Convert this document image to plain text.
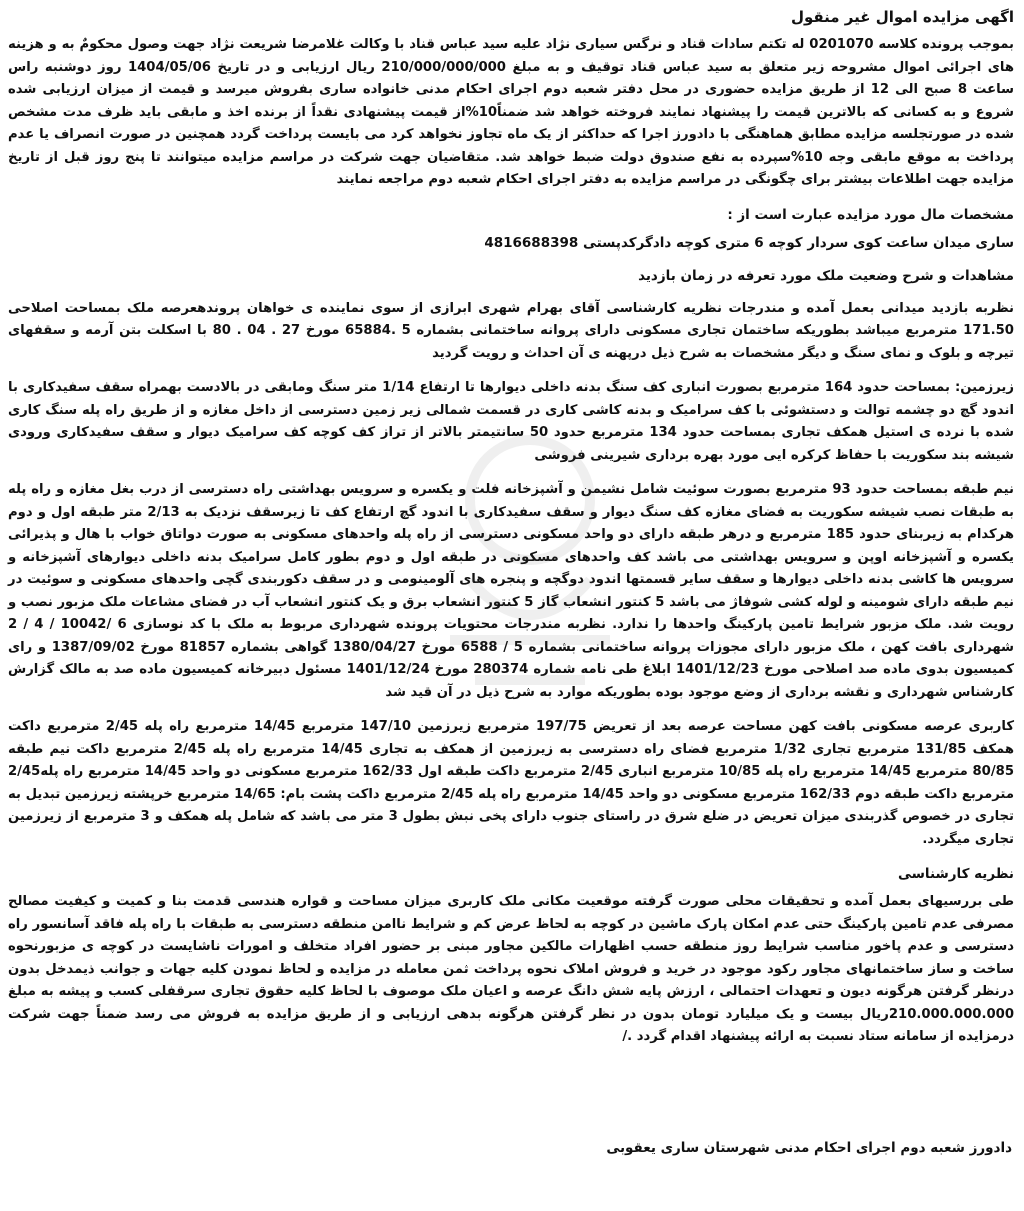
اگهی مزایده اموال غیر منقول

بموجب پرونده کلاسه 0201070 له تکتم سادات قناد و نرگس سیاری نژاد علیه سید عباس قناد با وکالت غلامرضا شریعت نژاد جهت وصول محکومٌ به و هزینه های اجرائی اموال مشروحه زیر متعلق به سید عباس قناد توقیف و به مبلغ 210/000/000/000 ریال ارزیابی و در تاریخ 1404/05/06 روز دوشنبه راس ساعت 8 صبح الی 12 از طریق مزایده حضوری در محل دفتر شعبه دوم اجرای احکام مدنی خانواده ساری بفروش میرسد و قیمت از میزان ارزیابی شده شروع و به کسانی که بالاترین قیمت را پیشنهاد نمایند فروخته خواهد شد ضمناً10%از قیمت پیشنهادی نقداً از برنده اخذ و مابقی باید ظرف مدت مشخص شده در صورتجلسه مزایده مطابق هماهنگی با دادورز اجرا که حداکثر از یک ماه تجاوز نخواهد کرد می بایست پرداخت گردد همچنین در صورت انصراف یا عدم پرداخت به موقع مابقی وجه 10%سپرده به نفع صندوق دولت ضبط خواهد شد. متقاضیان جهت شرکت در مراسم مزایده میتوانند تا پنج روز قبل از تاریخ مزایده جهت اطلاعات بیشتر برای چگونگی در مراسم مزایده به دفتر اجرای احکام شعبه دوم مراجعه نمایند

مشخصات مال مورد مزایده عبارت است از :
ساری میدان ساعت کوی سردار کوچه 6 متری کوچه دادگرکدپستی 4816688398
مشاهدات و شرح وضعیت ملک مورد تعرفه در زمان بازدید

نظربه بازدید میدانی بعمل آمده و مندرجات نظریه کارشناسی آقای بهرام شهری ابرازی از سوی نماینده ی خواهان پروندهعرصه ملک بمساحت اصلاحی 171.50 مترمربع میباشد بطوریکه ساختمان تجاری مسکونی دارای پروانه ساختمانی بشماره 5 .65884 مورخ 27 . 04 . 80 با اسکلت بتن آرمه و سقفهای تیرچه و بلوک و نمای سنگ و دیگر مشخصات به شرح ذیل درپهنه ی آن احداث و رویت گردید

زیرزمین: بمساحت حدود 164 مترمربع بصورت انباری کف سنگ بدنه داخلی دیوارها تا ارتفاع 1/14 متر سنگ ومابقی در بالادست بهمراه سقف سفیدکاری با اندود گچ دو چشمه توالت و دستشوئی با کف سرامیک و بدنه کاشی کاری در قسمت شمالی زیر زمین دسترسی از داخل مغازه و از طریق راه پله سنگ کاری شده با نرده ی استیل همکف تجاری بمساحت حدود 134 مترمربع حدود 50 سانتیمتر بالاتر از تراز کف کوچه کف سرامیک دیوار و سقف سفیدکاری ورودی شیشه بند سکوریت با حفاظ کرکره ایی مورد بهره برداری شیرینی فروشی

نیم طبقه بمساحت حدود 93 مترمربع بصورت سوئیت شامل نشیمن و آشپزخانه فلت و یکسره و سرویس بهداشتی راه دسترسی از درب بغل مغازه و راه پله به طبقات نصب شیشه سکوریت به فضای مغازه کف سنگ دیوار و سقف سفیدکاری با اندود گچ ارتفاع کف تا زیرسقف نزدیک به 2/13 متر طبقه اول و دوم هرکدام به زیربنای حدود 185 مترمربع و درهر طبقه دارای دو واحد مسکونی دسترسی از راه پله واحدهای مسکونی به صورت دواتاق خواب با هال و پذیرائی یکسره و آشپزخانه اوپن و سرویس بهداشتی می باشد کف واحدهای مسکونی در طبقه اول و دوم بطور کامل سرامیک بدنه داخلی دیوارهای آشپزخانه و سرویس ها کاشی بدنه داخلی دیوارها و سقف سایر قسمتها اندود دوگچه و پنجره های آلومینومی و در سقف دکوربندی گچی واحدهای مسکونی و سوئیت در نیم طبقه دارای شومینه و لوله کشی شوفاژ می باشد 5 کنتور انشعاب گاز 5 کنتور انشعاب برق و یک کنتور انشعاب آب در فضای مشاعات ملک مزبور نصب و رویت شد. ملک مزبور شرایط تامین پارکینگ واحدها را ندارد. نظربه مندرجات محتویات پرونده شهرداری مربوط به ملک با کد نوسازی 6 /10042 / 4 / 2 شهرداری بافت کهن ، ملک مزبور دارای مجوزات پروانه ساختمانی بشماره 5 / 6588 مورخ 1380/04/27 گواهی بشماره 81857 مورخ 1387/09/02 و رای کمیسیون بدوی ماده صد اصلاحی مورخ 1401/12/23 ابلاغ طی نامه شماره 280374 مورخ 1401/12/24 مسئول دبیرخانه کمیسیون ماده صد به مالک گزارش کارشناس شهرداری و نقشه برداری از وضع موجود بوده بطوریکه موارد به شرح ذیل در آن قید شد

کاربری عرصه مسکونی بافت کهن مساحت عرصه بعد از تعریض 197/75 مترمربع زیرزمین 147/10 مترمربع 14/45 مترمربع راه پله 2/45 مترمربع داکت همکف 131/85 مترمربع تجاری 1/32 مترمربع فضای راه دسترسی به زیرزمین از همکف به تجاری 14/45 مترمربع راه پله 2/45 مترمربع داکت نیم طبقه 80/85 مترمربع 14/45 مترمربع راه پله 10/85 مترمربع انباری 2/45 مترمربع داکت طبقه اول 162/33 مترمربع مسکونی دو واحد 14/45 مترمربع راه پله2/45 مترمربع داکت طبقه دوم 162/33 مترمربع مسکونی دو واحد 14/45 مترمربع راه پله 2/45 مترمربع داکت پشت بام: 14/65 مترمربع خرپشته زیرزمین تبدیل به تجاری در خصوص گذربندی میزان تعریض در ضلع شرق در راستای جنوب دارای پخی نبش بطول 3 متر می باشد که شامل پله همکف و 3 مترمربع از زیرزمین تجاری میگردد.

نظریه کارشناسی

طی بررسیهای بعمل آمده و تحقیقات محلی صورت گرفته موقعیت مکانی ملک کاربری میزان مساحت و قواره هندسی قدمت بنا و کمیت و کیفیت مصالح مصرفی عدم تامین پارکینگ حتی عدم امکان پارک ماشین در کوچه به لحاظ عرض کم و شرایط ناامن منطقه دسترسی به طبقات با راه پله فاقد آسانسور راه دسترسی و عدم پاخور مناسب شرایط روز منطقه حسب اظهارات مالکین مجاور مبنی بر حضور افراد متخلف و امورات ناشایست در کوچه ی مزبورنحوه ساخت و ساز ساختمانهای مجاور رکود موجود در خرید و فروش املاک نحوه پرداخت ثمن معامله در مزایده و لحاظ نمودن کلیه جهات و جوانب ذیمدخل بدون درنظر گرفتن هرگونه دیون و تعهدات احتمالی ، ارزش پایه شش دانگ عرصه و اعیان ملک موصوف با لحاظ کلیه حقوق تجاری سرقفلی کسب و پیشه به مبلغ 210.000.000.000ریال بیست و یک میلیارد تومان بدون در نظر گرفتن هرگونه بدهی ارزیابی و از طریق مزایده به فروش می رسد ضمناً جهت شرکت درمزایده از سامانه ستاد نسبت به ارائه پیشنهاد اقدام گردد ./

دادورز شعبه دوم اجرای احکام مدنی شهرستان ساری یعقوبی
